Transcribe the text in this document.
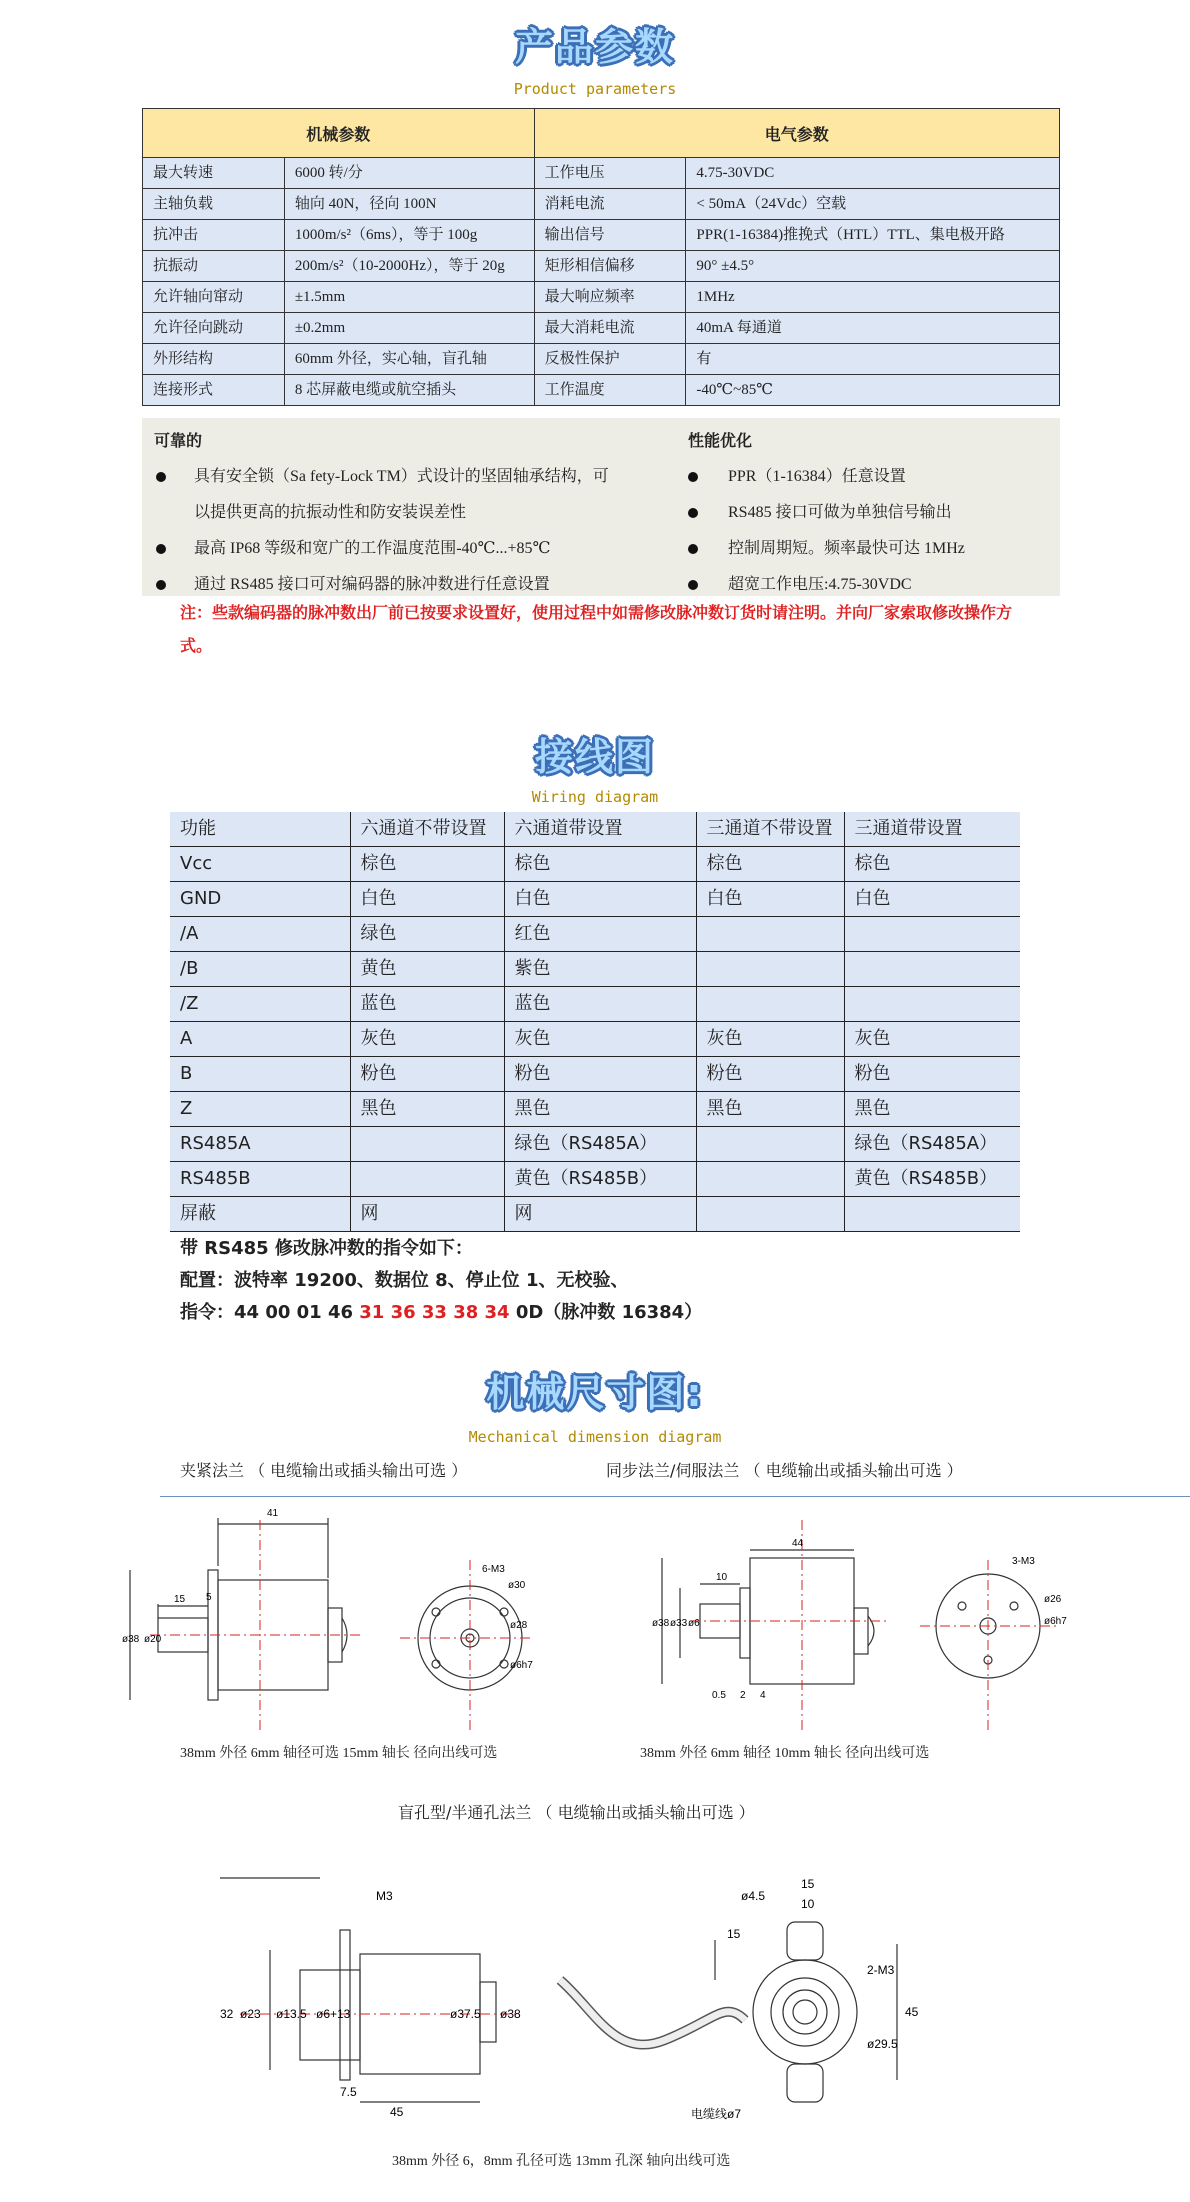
产品参数
Product parameters
机械参数		电气参数	
最大转速	6000 转/分	工作电压	4.75-30VDC
主轴负载	轴向 40N，径向 100N	消耗电流	< 50mA（24Vdc）空载
抗冲击	1000m/s²（6ms），等于 100g	输出信号	PPR(1-16384)推挽式（HTL）TTL、集电极开路
抗振动	200m/s²（10-2000Hz），等于 20g	矩形相信偏移	90° ±4.5°
允许轴向窜动	±1.5mm	最大响应频率	1MHz
允许径向跳动	±0.2mm	最大消耗电流	40mA 每通道
外形结构	60mm 外径，实心轴，盲孔轴	反极性保护	有
连接形式	8 芯屏蔽电缆或航空插头	工作温度	-40℃~85℃
可靠的
具有安全锁（Sa fety-Lock TM）式设计的坚固轴承结构，可
以提供更高的抗振动性和防安装误差性
最高 IP68 等级和宽广的工作温度范围-40℃...+85℃
通过 RS485 接口可对编码器的脉冲数进行任意设置
性能优化
PPR（1-16384）任意设置
RS485 接口可做为单独信号输出
控制周期短。频率最快可达 1MHz
超宽工作电压:4.75-30VDC
注：些款编码器的脉冲数出厂前已按要求设置好，使用过程中如需修改脉冲数订货时请注明。并向厂家索取修改操作方式。
接线图
Wiring diagram
功能	六通道不带设置	六通道带设置	三通道不带设置	三通道带设置
Vcc	棕色	棕色	棕色	棕色
GND	白色	白色	白色	白色
/A	绿色	红色		
/B	黄色	紫色		
/Z	蓝色	蓝色		
A	灰色	灰色	灰色	灰色
B	粉色	粉色	粉色	粉色
Z	黑色	黑色	黑色	黑色
RS485A		绿色（RS485A）		绿色（RS485A）
RS485B		黄色（RS485B）		黄色（RS485B）
屏蔽	网	网		
带 RS485 修改脉冲数的指令如下：
配置：波特率 19200、数据位 8、停止位 1、无校验、
指令：44 00 01 46 31 36 33 38 34 0D（脉冲数 16384）
机械尺寸图:
Mechanical dimension diagram
夹紧法兰 （ 电缆输出或插头输出可选 ）	同步法兰/伺服法兰 （ 电缆输出或插头输出可选 ）
41
15 5
ø38 ø20
6-M3
ø30
ø28
ø6h7
38mm 外径 6mm 轴径可选 15mm 轴长 径向出线可选
44
ø38 ø33 ø6
10
0.5 2 4
3-M3
ø26
ø6h7
38mm 外径 6mm 轴径 10mm 轴长 径向出线可选
盲孔型/半通孔法兰 （ 电缆输出或插头输出可选 ）
M3
32 ø23 ø13.5 ø6+13	ø37.5 ø38
7.5
45
ø4.5
15
10
15
2-M3
45
ø29.5
电缆线ø7
38mm 外径 6，8mm 孔径可选 13mm 孔深 轴向出线可选
